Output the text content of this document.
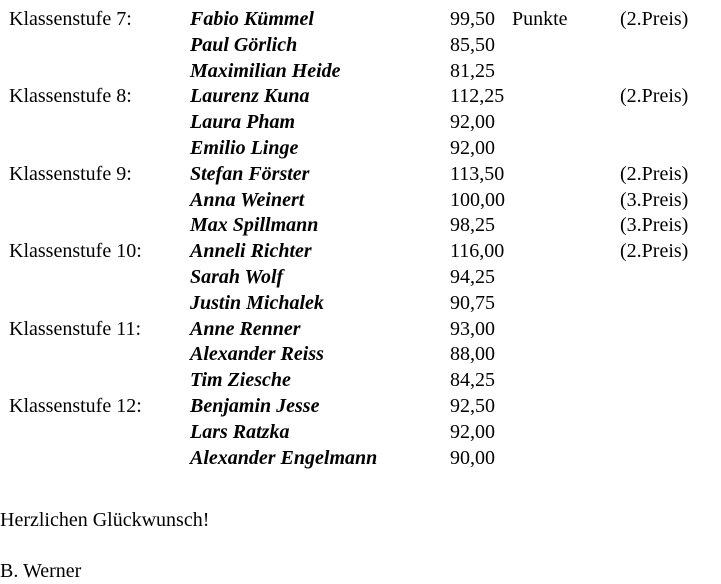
Klassenstufe 7:	Fabio Kümmel	99,50 Punkte	(2.Preis)
Paul Görlich	85,50
Maximilian Heide	81,25
Klassenstufe 8:	Laurenz Kuna	112,25	(2.Preis)
Laura Pham	92,00
Emilio Linge	92,00
Klassenstufe 9:	Stefan Förster	113,50	(2.Preis)
Anna Weinert	100,00	(3.Preis)
Max Spillmann	98,25	(3.Preis)
Klassenstufe 10: Anneli Richter	116,00	(2.Preis)
Sarah Wolf	94,25
Justin Michalek	90,75
Klassenstufe 11: Anne Renner	93,00
Alexander Reiss	88,00
Tim Ziesche	84,25
Klassenstufe 12: Benjamin Jesse	92,50
Lars Ratzka	92,00
Alexander Engelmann	90,00
Herzlichen Glückwunsch!
B. Werner
